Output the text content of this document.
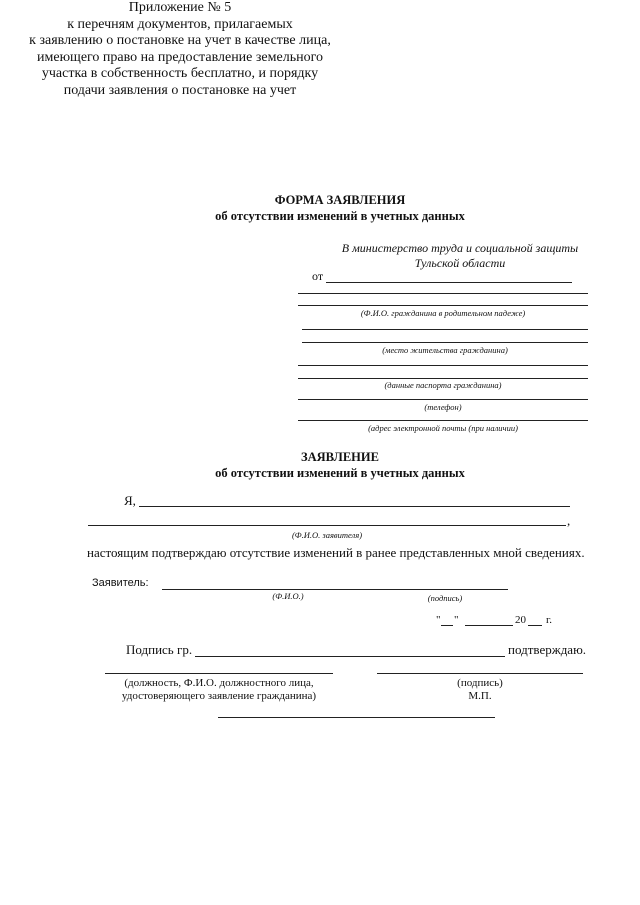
Приложение № 5
к перечням документов, прилагаемых
к заявлению о постановке на учет в качестве лица,
имеющего право на предоставление земельного
участка в собственность бесплатно, и порядку
подачи заявления о постановке на учет
ФОРМА ЗАЯВЛЕНИЯ
об отсутствии изменений в учетных данных
В министерство труда и социальной защиты
Тульской области
от
(Ф.И.О. гражданина в родительном падеже)
(место жительства гражданина)
(данные паспорта гражданина)
(телефон)
(адрес электронной почты (при наличии)
ЗАЯВЛЕНИЕ
об отсутствии изменений в учетных данных
Я,
,
(Ф.И.О. заявителя)
настоящим подтверждаю отсутствие изменений в ранее представленных мной сведениях.
Заявитель:
(Ф.И.О.)	(подпись)
" "	20 г.
Подпись гр.	подтверждаю.
(должность, Ф.И.О. должностного лица,
удостоверяющего заявление гражданина)
(подпись)
М.П.
